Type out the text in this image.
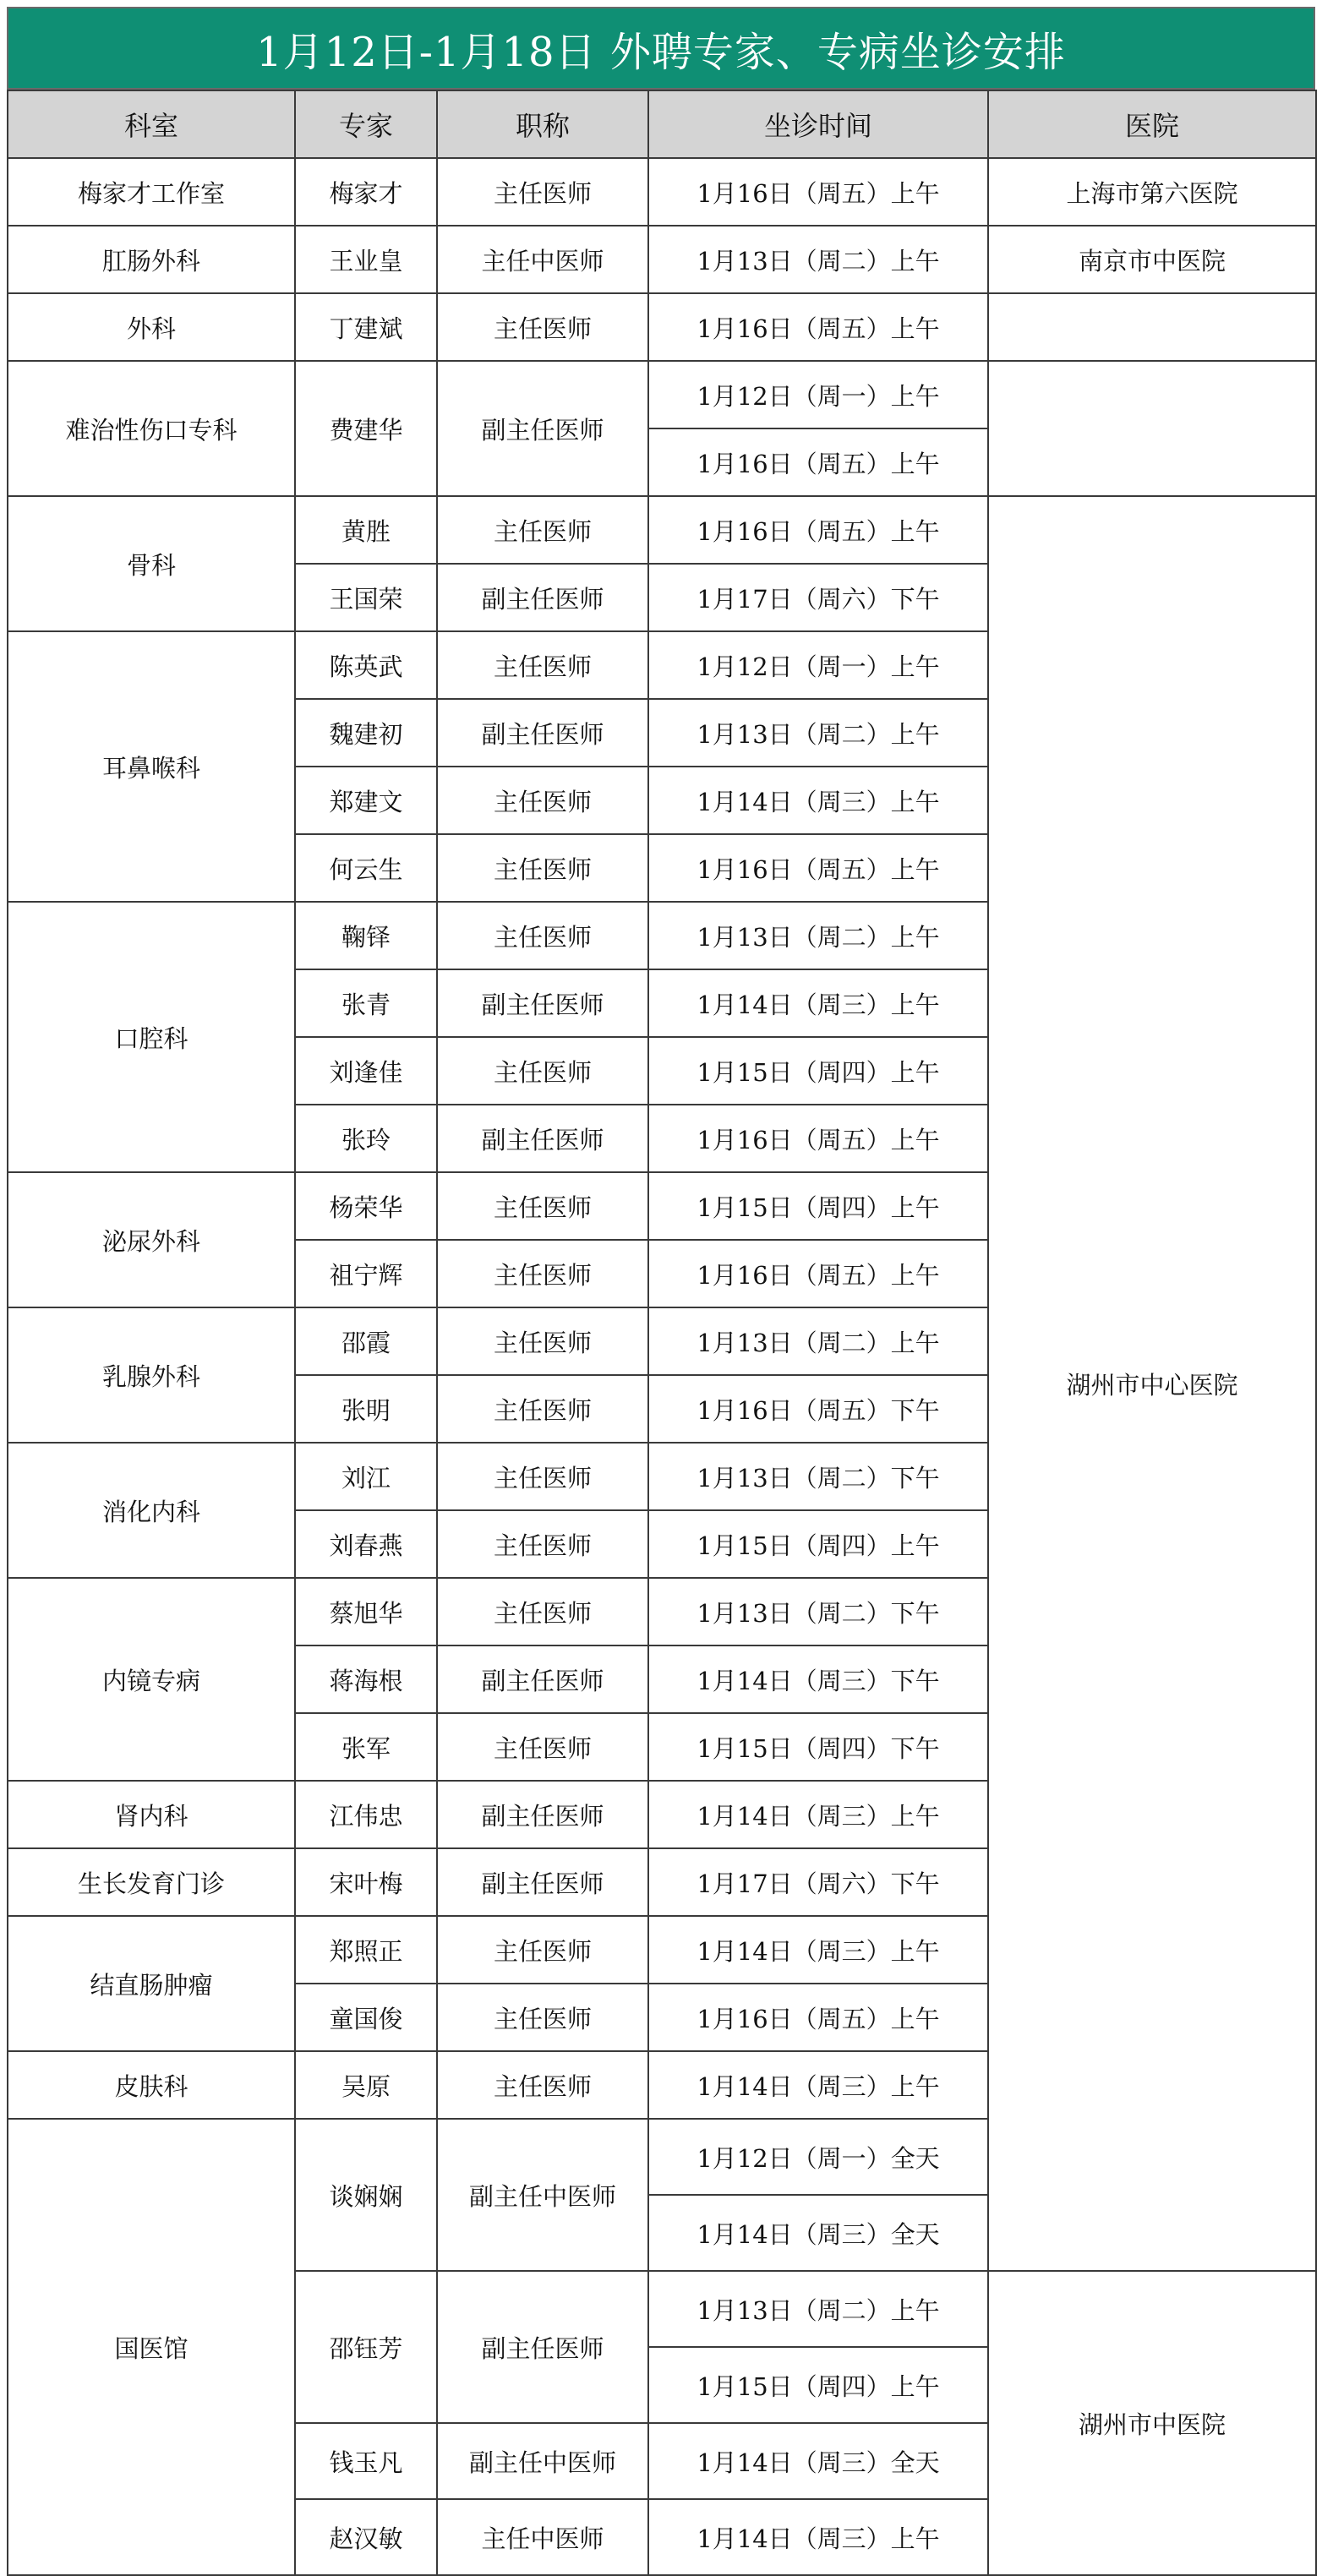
1月12日-1月18日 外聘专家、专病坐诊安排
科室	专家	职称	坐诊时间	医院
梅家才工作室	梅家才	主任医师	1月16日（周五）上午	上海市第六医院
肛肠外科	王业皇	主任中医师	1月13日（周二）上午	南京市中医院
外科	丁建斌	主任医师	1月16日（周五）上午	
难治性伤口专科	费建华	副主任医师	1月12日（周一）上午	
			1月16日（周五）上午	
骨科	黄胜	主任医师	1月16日（周五）上午	湖州市中心医院
	王国荣	副主任医师	1月17日（周六）下午	
耳鼻喉科	陈英武	主任医师	1月12日（周一）上午	
	魏建初	副主任医师	1月13日（周二）上午	
	郑建文	主任医师	1月14日（周三）上午	
	何云生	主任医师	1月16日（周五）上午	
口腔科	鞠铎	主任医师	1月13日（周二）上午	
	张青	副主任医师	1月14日（周三）上午	
	刘逢佳	主任医师	1月15日（周四）上午	
	张玲	副主任医师	1月16日（周五）上午	
泌尿外科	杨荣华	主任医师	1月15日（周四）上午	
	祖宁辉	主任医师	1月16日（周五）上午	
乳腺外科	邵霞	主任医师	1月13日（周二）上午	
	张明	主任医师	1月16日（周五）下午	
消化内科	刘江	主任医师	1月13日（周二）下午	
	刘春燕	主任医师	1月15日（周四）上午	
内镜专病	蔡旭华	主任医师	1月13日（周二）下午	
	蒋海根	副主任医师	1月14日（周三）下午	
	张军	主任医师	1月15日（周四）下午	
肾内科	江伟忠	副主任医师	1月14日（周三）上午	
生长发育门诊	宋叶梅	副主任医师	1月17日（周六）下午	
结直肠肿瘤	郑照正	主任医师	1月14日（周三）上午	
	童国俊	主任医师	1月16日（周五）上午	
皮肤科	吴原	主任医师	1月14日（周三）上午	
国医馆	谈娴娴	副主任中医师	1月12日（周一）全天	
			1月14日（周三）全天	
	邵钰芳	副主任医师	1月13日（周二）上午	湖州市中医院
			1月15日（周四）上午	
	钱玉凡	副主任中医师	1月14日（周三）全天	
	赵汉敏	主任中医师	1月14日（周三）上午	
